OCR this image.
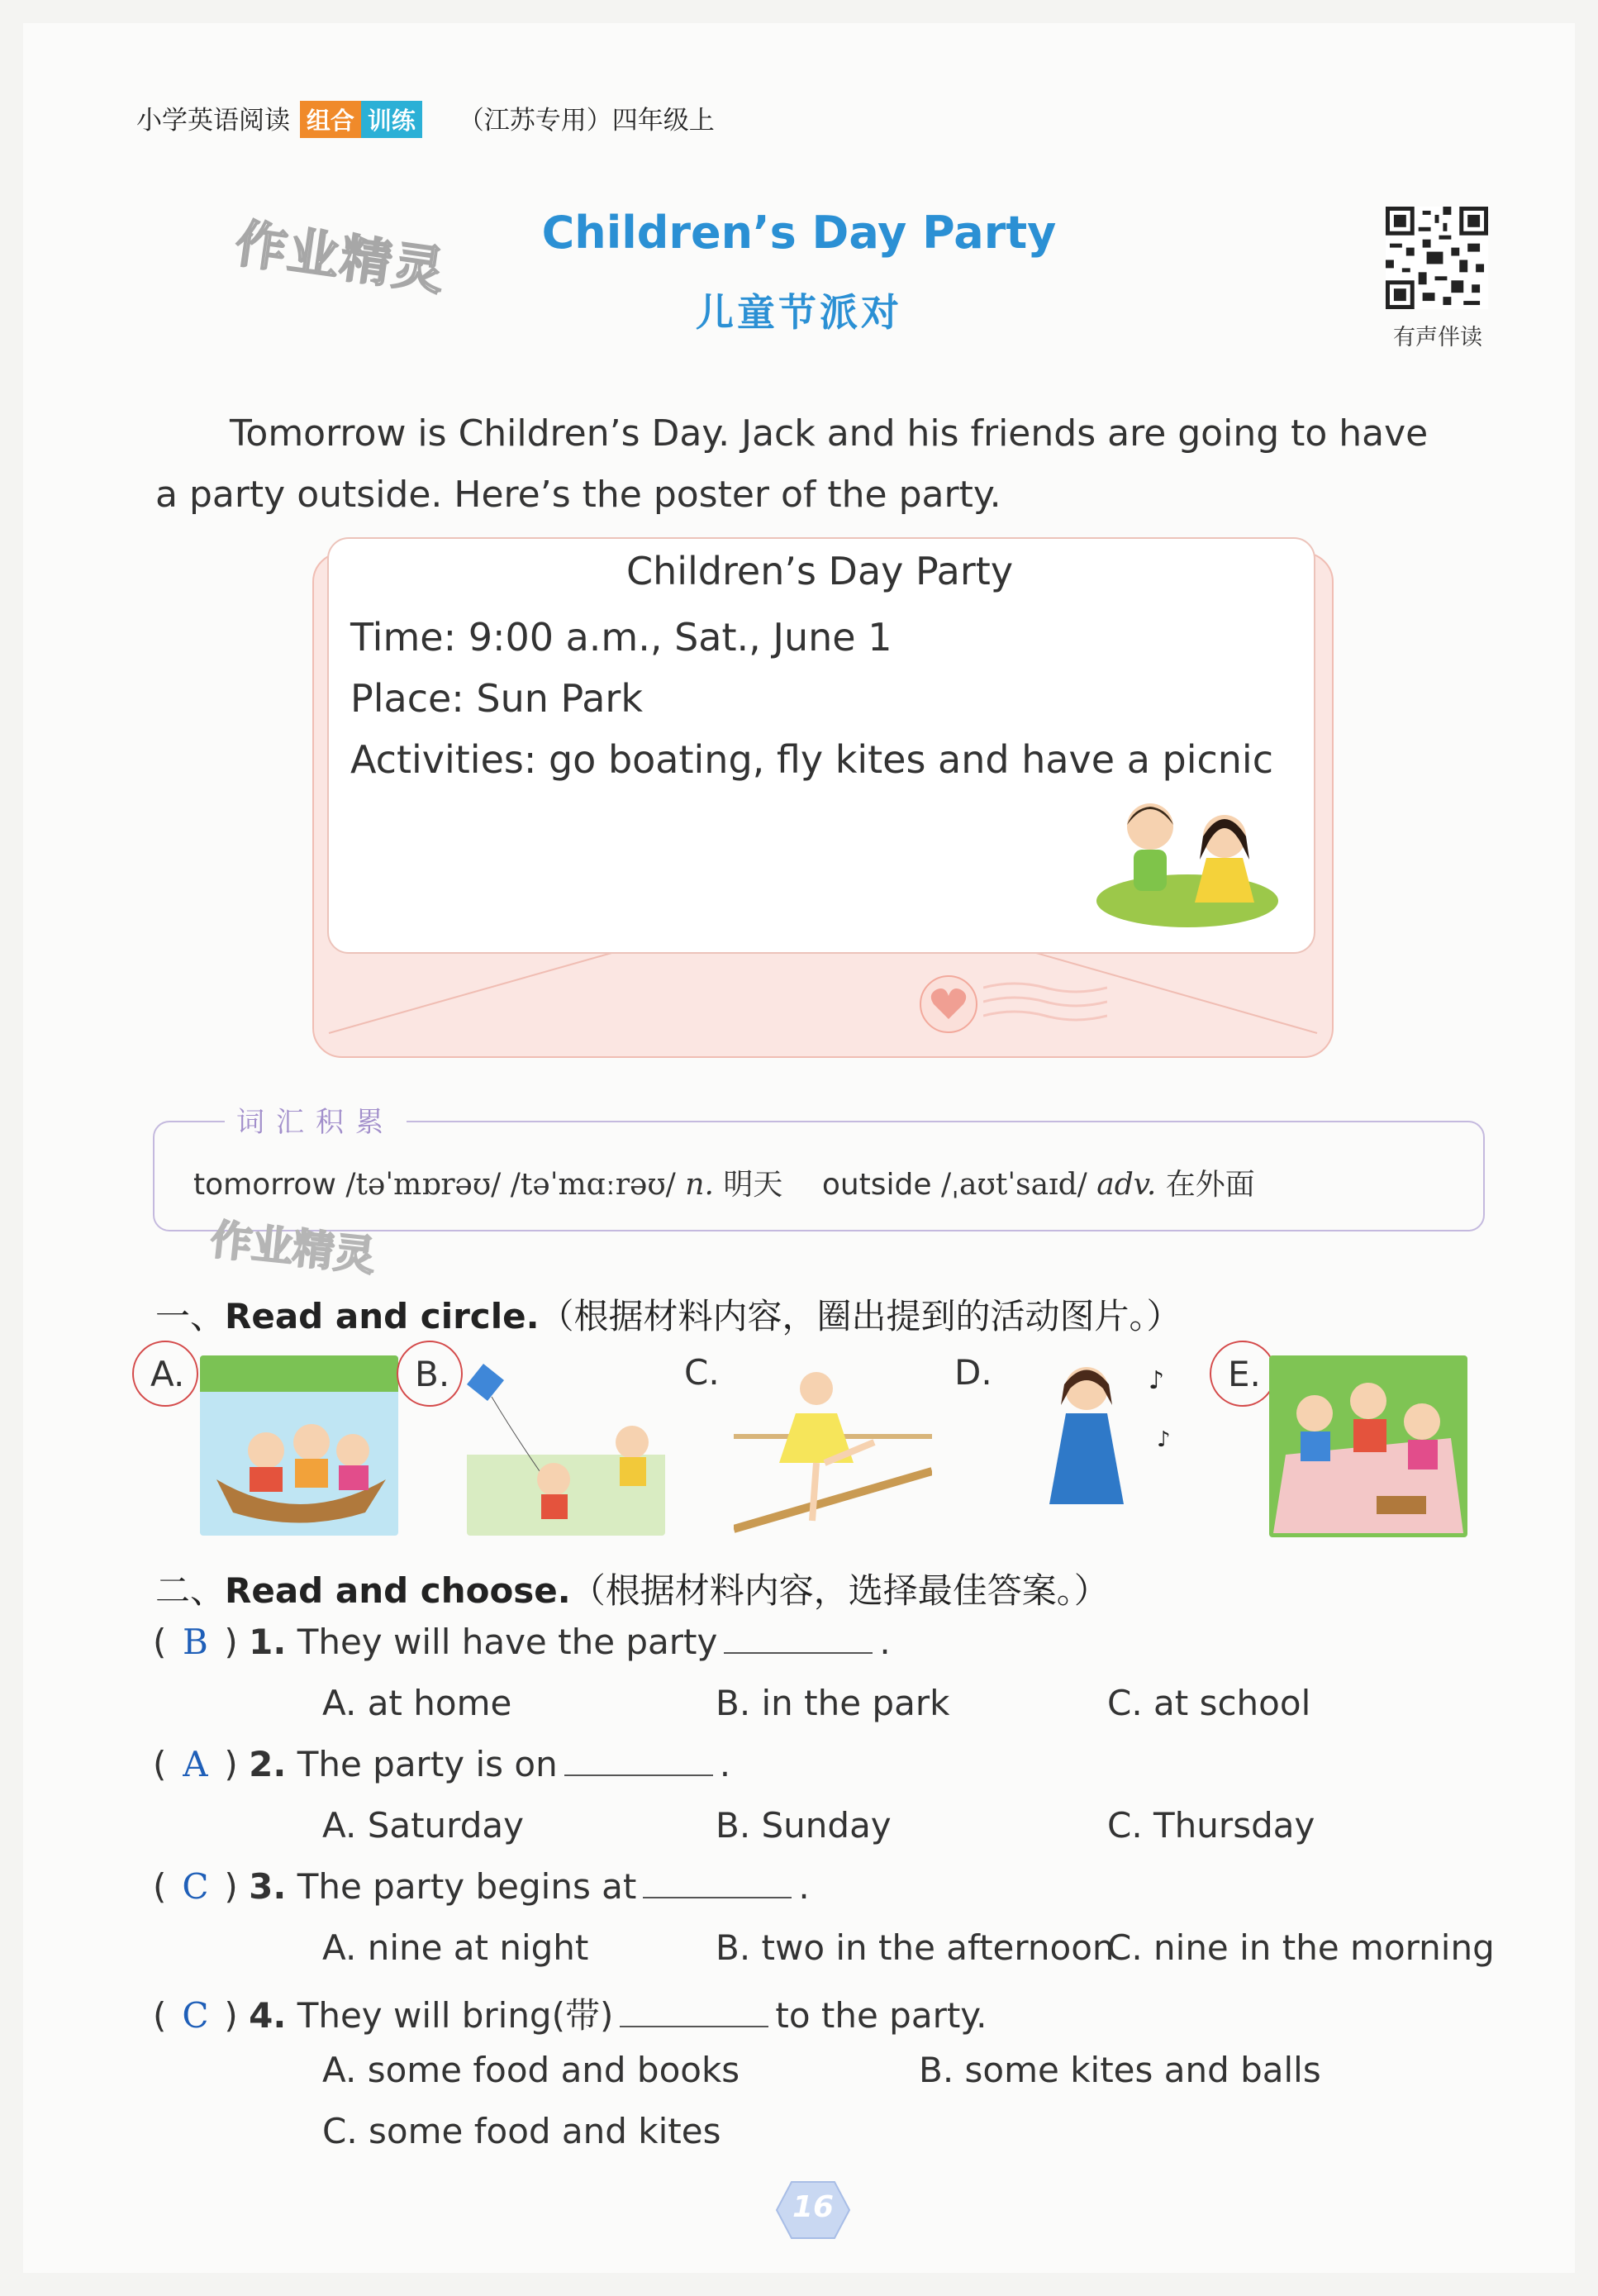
小学英语阅读 组合 训练 （江苏专用）四年级上
作业精灵	Children’s Day Party
儿童节派对
有声伴读
Tomorrow is Children’s Day. Jack and his friends are going to have
a party outside. Here’s the poster of the party.
Children’s Day Party
Time: 9:00 a.m., Sat., June 1
Place: Sun Park
Activities: go boating, fly kites and have a picnic
词汇积累
tomorrow /təˈmɒrəʊ/ /təˈmɑːrəʊ/ n. 明天 outside /ˌaʊtˈsaɪd/ adv. 在外面
作业精灵
一、Read and circle.（根据材料内容，圈出提到的活动图片。）
A.	B.	C.	D.	♪
♪
E.
二、Read and choose.（根据材料内容，选择最佳答案。）
( B ) 1. They will have the party	.
A. at home	B. in the park	C. at school
( A ) 2. The party is on	.
A. Saturday	B. Sunday	C. Thursday
( C ) 3. The party begins at	.
A. nine at night	B. two in the afternoon
C. nine in the morning
( C ) 4. They will bring(带)	to the party.
A. some food and books	B. some kites and balls
C. some food and kites
16
